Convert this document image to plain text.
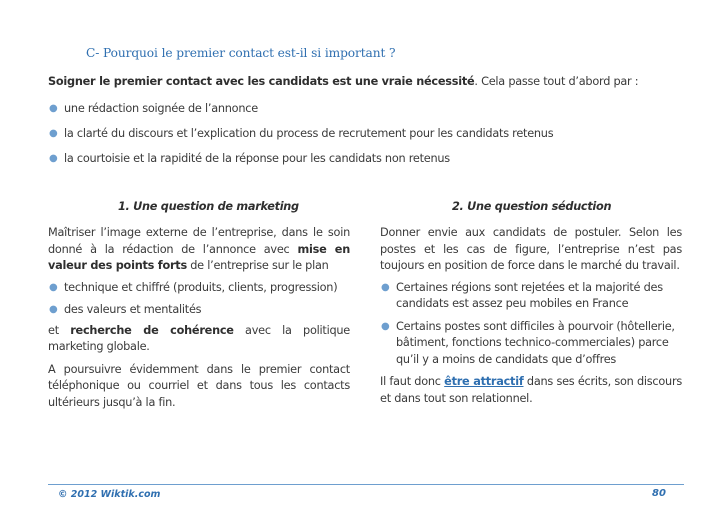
C- Pourquoi le premier contact est-il si important ?
Soigner le premier contact avec les candidats est une vraie nécessité. Cela passe tout d’abord par :
● une rédaction soignée de l’annonce
● la clarté du discours et l’explication du process de recrutement pour les candidats retenus
● la courtoisie et la rapidité de la réponse pour les candidats non retenus
1. Une question de marketing	2. Une question séduction

Maîtriser l’image externe de l’entreprise, dans le soin donné à la rédaction de l’annonce avec mise en valeur des points forts de l’entreprise sur le plan

● technique et chiffré (produits, clients, progression)
● des valeurs et mentalités

et recherche de cohérence avec la politique marketing globale.

A poursuivre évidemment dans le premier contact téléphonique ou courriel et dans tous les contacts ultérieurs jusqu’à la fin.

Donner envie aux candidats de postuler. Selon les postes et les cas de figure, l’entreprise n’est pas toujours en position de force dans le marché du travail.

● Certaines régions sont rejetées et la majorité des candidats est assez peu mobiles en France
● Certains postes sont difficiles à pourvoir (hôtellerie, bâtiment, fonctions technico-commerciales) parce qu’il y a moins de candidats que d’offres

Il faut donc être attractif dans ses écrits, son discours et dans tout son relationnel.

© 2012 Wiktik.com	80
